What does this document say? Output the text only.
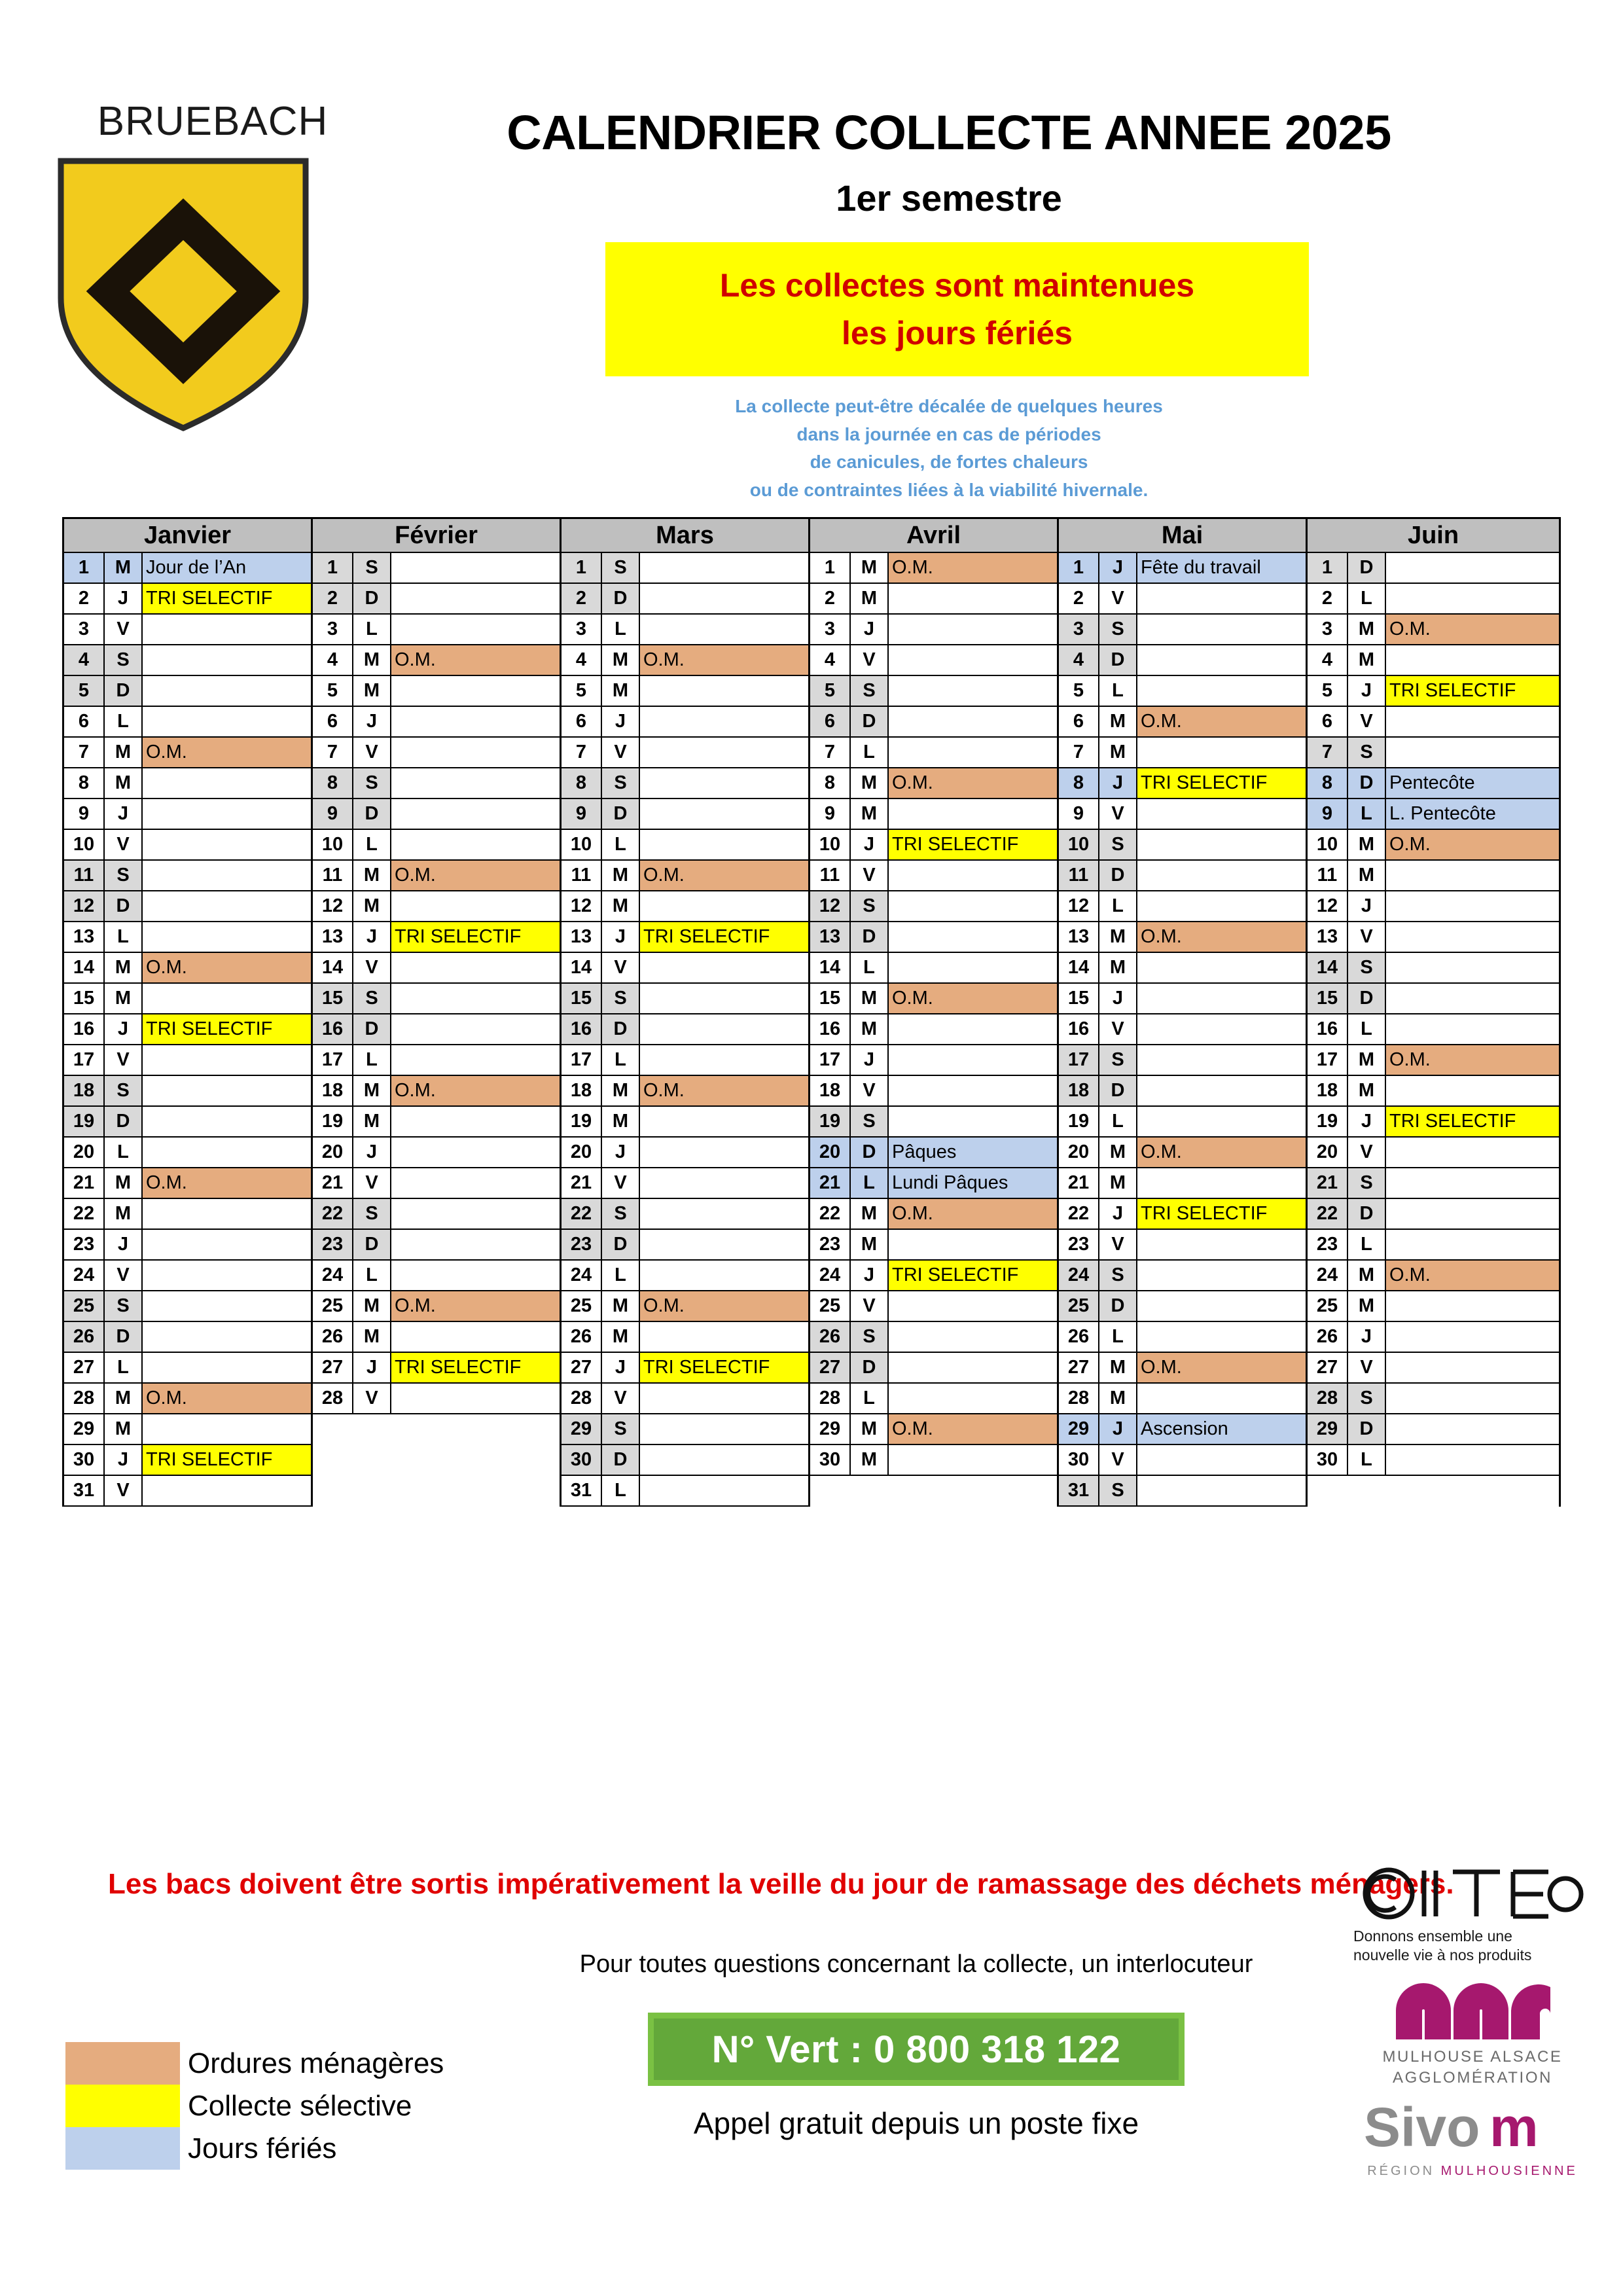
BRUEBACH	CALENDRIER COLLECTE ANNEE 2025
1er semestre
Les collectes sont maintenues
les jours fériés
La collecte peut-être décalée de quelques heures
dans la journée en cas de périodes
de canicules, de fortes chaleurs
ou de contraintes liées à la viabilité hivernale.
Janvier
1	M Jour de l’An
2	J TRI SELECTIF
3	V
4	S
5	D
6	L
7	M O.M.
8	M
9	J
10	V
11	S
12	D
13	L
14	M O.M.
15	M
16	J TRI SELECTIF
17	V
18	S
19	D
20	L
21	M O.M.
22	M
23	J
24	V
25	S
26	D
27	L
28	M O.M.
29	M
30	J TRI SELECTIF
31	V
Février
1	S
2	D
3	L
4	M O.M.
5	M
6	J
7	V
8	S
9	D
10	L
11	M O.M.
12	M
13	J TRI SELECTIF
14	V
15	S
16	D
17	L
18	M O.M.
19	M
20	J
21	V
22	S
23	D
24	L
25	M O.M.
26	M
27	J TRI SELECTIF
28	V
Mars
1	S
2	D
3	L
4	M O.M.
5	M
6	J
7	V
8	S
9	D
10	L
11	M O.M.
12	M
13	J TRI SELECTIF
14	V
15	S
16	D
17	L
18	M O.M.
19	M
20	J
21	V
22	S
23	D
24	L
25	M O.M.
26	M
27	J TRI SELECTIF
28	V
29	S
30	D
31	L
Avril
1	M O.M.
2	M
3	J
4	V
5	S
6	D
7	L
8	M O.M.
9	M
10	J TRI SELECTIF
11	V
12	S
13	D
14	L
15	M O.M.
16	M
17	J
18	V
19	S
20	D Pâques
21	L Lundi Pâques
22	M O.M.
23	M
24	J TRI SELECTIF
25	V
26	S
27	D
28	L
29	M O.M.
30	M
Mai
1	J Fête du travail
2	V
3	S
4	D
5	L
6	M O.M.
7	M
8	J TRI SELECTIF
9	V
10	S
11	D
12	L
13	M O.M.
14	M
15	J
16	V
17	S
18	D
19	L
20	M O.M.
21	M
22	J TRI SELECTIF
23	V
24	S
25	D
26	L
27	M O.M.
28	M
29	J Ascension
30	V
31	S
Juin
1	D
2	L
3	M O.M.
4	M
5	J TRI SELECTIF
6	V
7	S
8	D Pentecôte
9	L L. Pentecôte
10	M O.M.
11	M
12	J
13	V
14	S
15	D
16	L
17	M O.M.
18	M
19	J TRI SELECTIF
20	V
21	S
22	D
23	L
24	M O.M.
25	M
26	J
27	V
28	S
29	D
30	L
Les bacs doivent être sortis impérativement la veille du jour de ramassage des déchets ménagers.
Ordures ménagères
Collecte sélective
Jours fériés
Pour toutes questions concernant la collecte, un interlocuteur
N° Vert : 0 800 318 122
Appel gratuit depuis un poste fixe
Donnons ensemble une
nouvelle vie à nos produits
MULHOUSE ALSACE
AGGLOMÉRATION
Sivo m
RÉGION MULHOUSIENNE
